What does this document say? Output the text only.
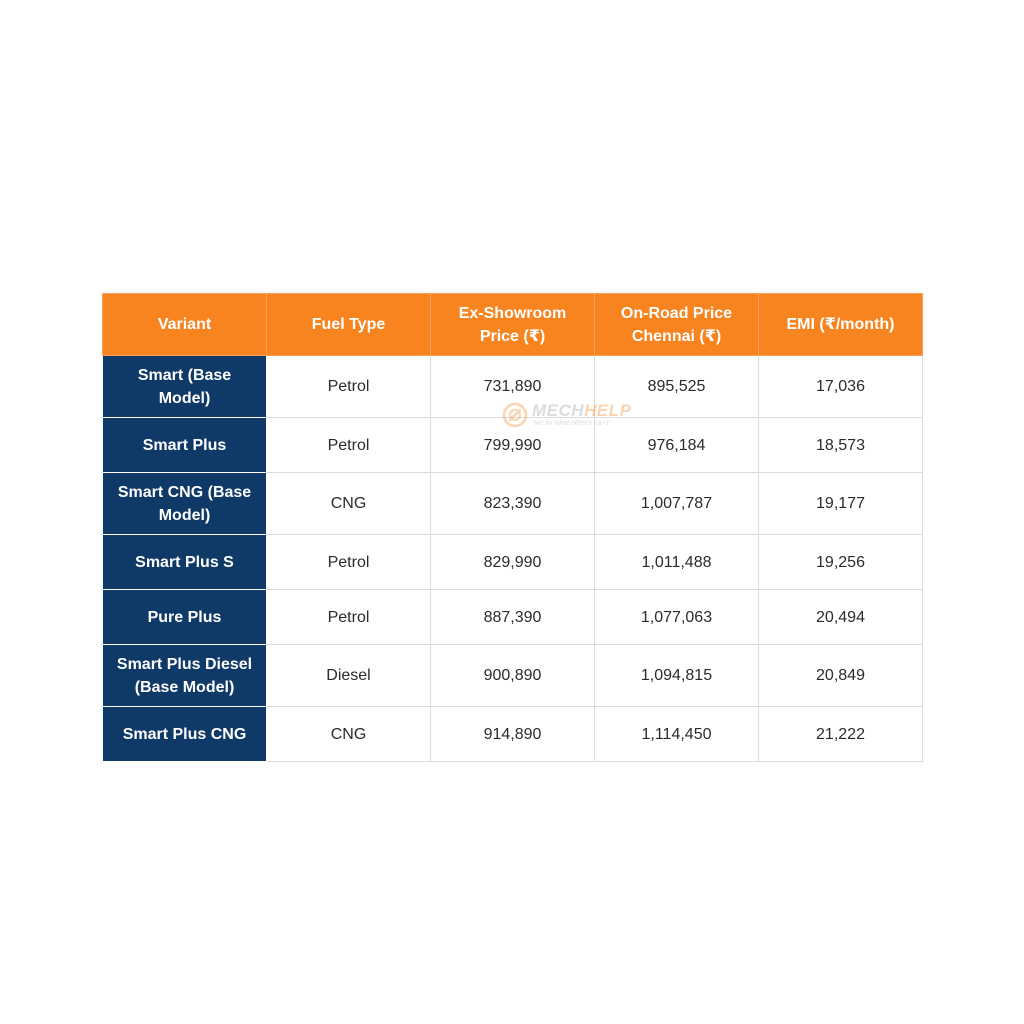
Variant	Fuel Type	Ex-Showroom Price (₹)	On-Road Price Chennai (₹)	EMI (₹/month)
Smart (Base Model)	Petrol	731,890	895,525	17,036
Smart Plus	Petrol	799,990	976,184	18,573
Smart CNG (Base Model)	CNG	823,390	1,007,787	19,177
Smart Plus S	Petrol	829,990	1,011,488	19,256
Pure Plus	Petrol	887,390	1,077,063	20,494
Smart Plus Diesel (Base Model)	Diesel	900,890	1,094,815	20,849
Smart Plus CNG	CNG	914,890	1,114,450	21,222
MECHHELP
"we fix what other's can't"
